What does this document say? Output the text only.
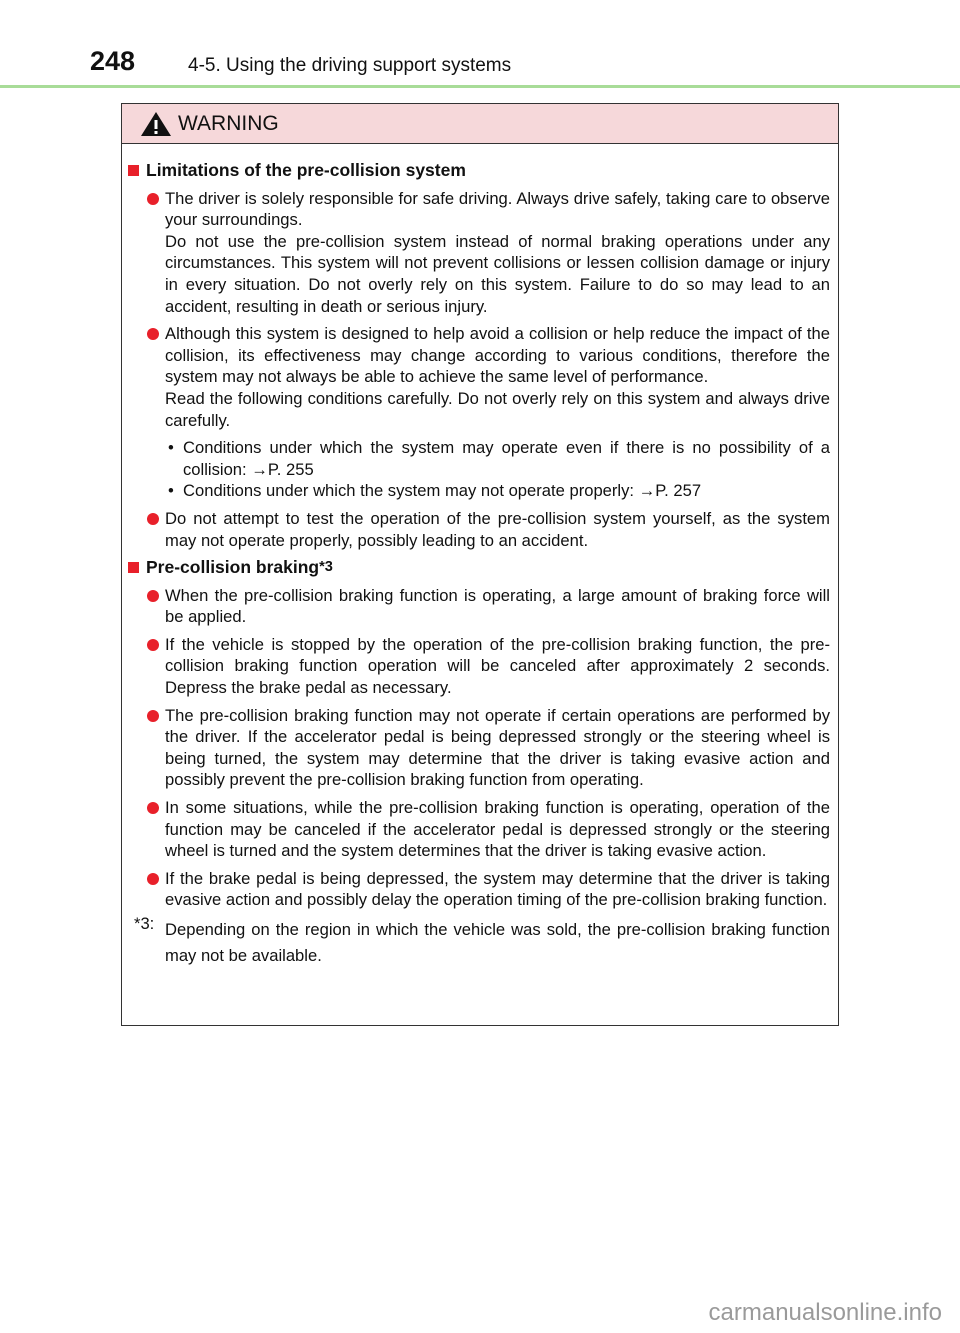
248	4-5. Using the driving support systems
WARNING
Limitations of the pre-collision system
The driver is solely responsible for safe driving. Always drive safely, taking care to observe your surroundings.
Do not use the pre-collision system instead of normal braking operations under any circumstances. This system will not prevent collisions or lessen collision damage or injury in every situation. Do not overly rely on this system. Failure to do so may lead to an accident, resulting in death or serious injury.
Although this system is designed to help avoid a collision or help reduce the impact of the collision, its effectiveness may change according to various conditions, therefore the system may not always be able to achieve the same level of performance.
Read the following conditions carefully. Do not overly rely on this system and always drive carefully.
• Conditions under which the system may operate even if there is no possibility of a collision: →P. 255
• Conditions under which the system may not operate properly: →P. 257
Do not attempt to test the operation of the pre-collision system yourself, as the system may not operate properly, possibly leading to an accident.
Pre-collision braking *3
When the pre-collision braking function is operating, a large amount of braking force will be applied.
If the vehicle is stopped by the operation of the pre-collision braking function, the pre-collision braking function operation will be canceled after approximately 2 seconds. Depress the brake pedal as necessary.
The pre-collision braking function may not operate if certain operations are performed by the driver. If the accelerator pedal is being depressed strongly or the steering wheel is being turned, the system may determine that the driver is taking evasive action and possibly prevent the pre-collision braking function from operating.
In some situations, while the pre-collision braking function is operating, operation of the function may be canceled if the accelerator pedal is depressed strongly or the steering wheel is turned and the system determines that the driver is taking evasive action.
If the brake pedal is being depressed, the system may determine that the driver is taking evasive action and possibly delay the operation timing of the pre-collision braking function.
*3: Depending on the region in which the vehicle was sold, the pre-collision braking function may not be available.
carmanualsonline.info
